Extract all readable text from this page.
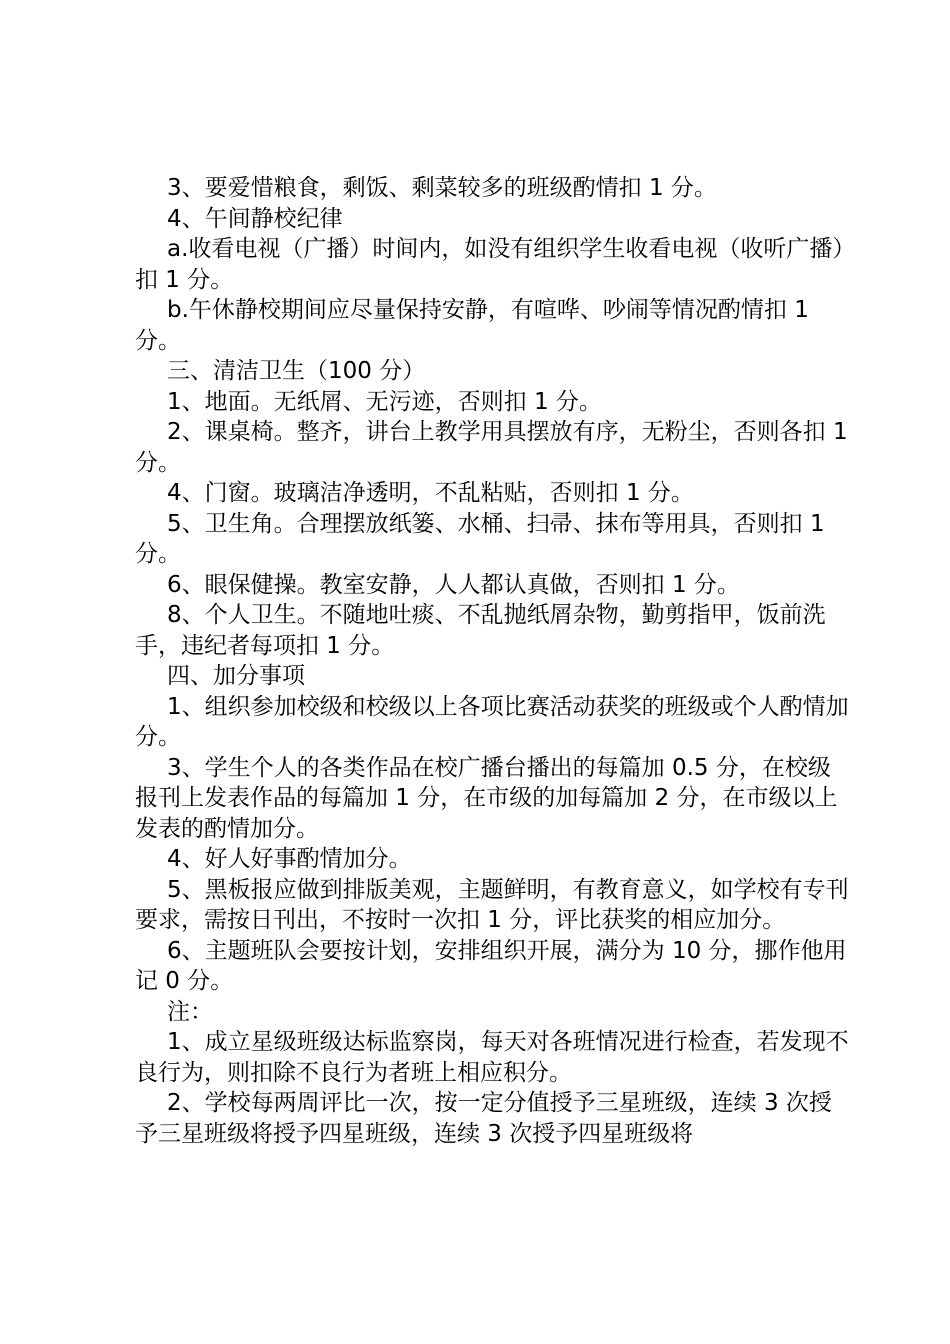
3、要爱惜粮食，剩饭、剩菜较多的班级酌情扣 1 分。

4、午间静校纪律

a.收看电视（广播）时间内，如没有组织学生收看电视（收听广播）扣 1 分。

b.午休静校期间应尽量保持安静，有喧哗、吵闹等情况酌情扣 1 分。

三、清洁卫生（100 分）

1、地面。无纸屑、无污迹，否则扣 1 分。

2、课桌椅。整齐，讲台上教学用具摆放有序，无粉尘，否则各扣 1 分。

4、门窗。玻璃洁净透明，不乱粘贴，否则扣 1 分。

5、卫生角。合理摆放纸篓、水桶、扫帚、抹布等用具，否则扣 1 分。

6、眼保健操。教室安静，人人都认真做，否则扣 1 分。

8、个人卫生。不随地吐痰、不乱抛纸屑杂物，勤剪指甲，饭前洗手，违纪者每项扣 1 分。

四、加分事项

1、组织参加校级和校级以上各项比赛活动获奖的班级或个人酌情加分。

3、学生个人的各类作品在校广播台播出的每篇加 0.5 分，在校级报刊上发表作品的每篇加 1 分，在市级的加每篇加 2 分，在市级以上发表的酌情加分。

4、好人好事酌情加分。

5、黑板报应做到排版美观，主题鲜明，有教育意义，如学校有专刊要求，需按日刊出，不按时一次扣 1 分，评比获奖的相应加分。

6、主题班队会要按计划，安排组织开展，满分为 10 分，挪作他用记 0 分。

注：

1、成立星级班级达标监察岗，每天对各班情况进行检查，若发现不良行为，则扣除不良行为者班上相应积分。

2、学校每两周评比一次，按一定分值授予三星班级，连续 3 次授予三星班级将授予四星班级，连续 3 次授予四星班级将
